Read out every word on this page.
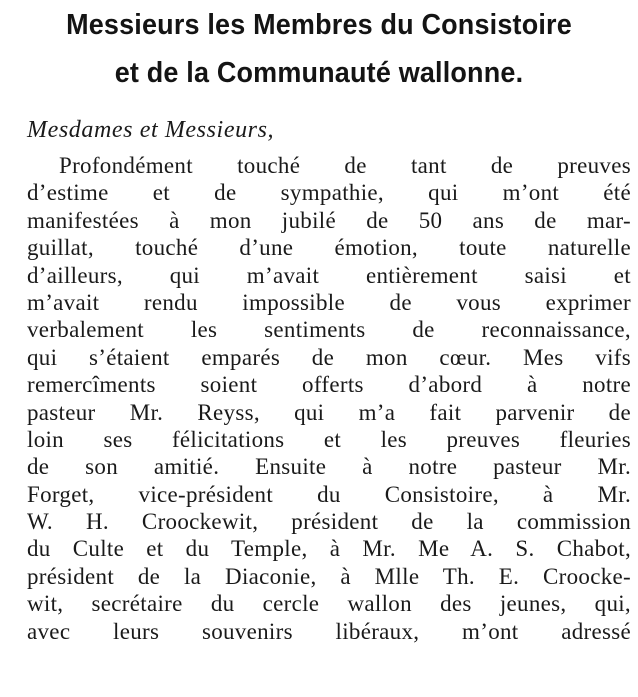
Messieurs les Membres du Consistoire
et de la Communauté wallonne.
Mesdames et Messieurs,
Profondément touché de tant de preuves
d’estime et de sympathie, qui m’ont été
manifestées à mon jubilé de 50 ans de mar-
guillat, touché d’une émotion, toute naturelle
d’ailleurs, qui m’avait entièrement saisi et
m’avait rendu impossible de vous exprimer
verbalement les sentiments de reconnaissance,
qui s’étaient emparés de mon cœur. Mes vifs
remercîments soient offerts d’abord à notre
pasteur Mr. Reyss, qui m’a fait parvenir de
loin ses félicitations et les preuves fleuries
de son amitié. Ensuite à notre pasteur Mr.
Forget, vice-président du Consistoire, à Mr.
W. H. Croockewit, président de la commission
du Culte et du Temple, à Mr. Me A. S. Chabot,
président de la Diaconie, à Mlle Th. E. Croocke-
wit, secrétaire du cercle wallon des jeunes, qui,
avec leurs souvenirs libéraux, m’ont adressé
